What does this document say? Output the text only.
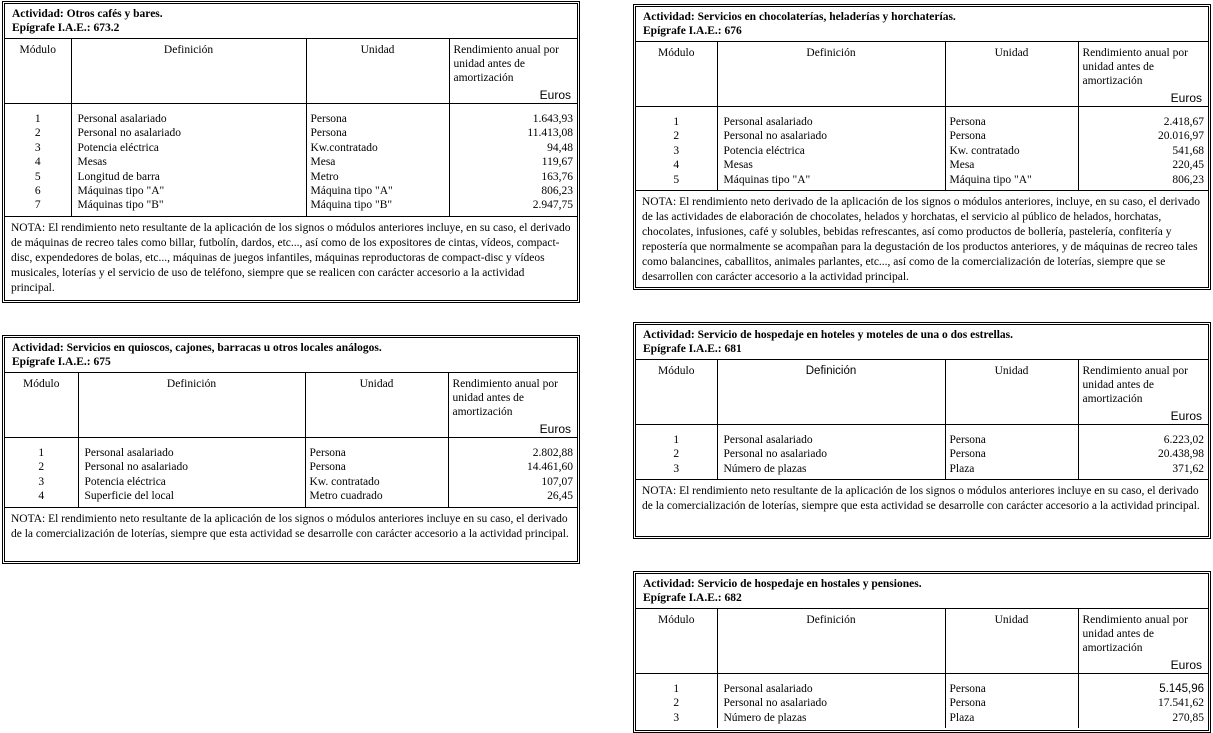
Actividad: Otros cafés y bares.
Epígrafe I.A.E.: 673.2
Módulo	Definición	Unidad	Rendimiento anual por unidad antes de amortización
Euros

1	Personal asalariado	Persona	1.643,93
2	Personal no asalariado	Persona	11.413,08
3	Potencia eléctrica	Kw.contratado	94,48
4	Mesas	Mesa	119,67
5	Longitud de barra	Metro	163,76
6	Máquinas tipo "A"	Máquina tipo "A"	806,23
7	Máquinas tipo "B"	Máquina tipo "B"	2.947,75
NOTA: El rendimiento neto resultante de la aplicación de los signos o módulos anteriores incluye, en su caso, el derivado de máquinas de recreo tales como billar, futbolín, dardos, etc..., así como de los expositores de cintas, vídeos, compact-disc, expendedores de bolas, etc..., máquinas de juegos infantiles, máquinas reproductoras de compact-disc y vídeos musicales, loterías y el servicio de uso de teléfono, siempre que se realicen con carácter accesorio a la actividad principal.
Actividad: Servicios en quioscos, cajones, barracas u otros locales análogos.
Epígrafe I.A.E.: 675
Módulo	Definición	Unidad	Rendimiento anual por unidad antes de amortización
Euros

1	Personal asalariado	Persona	2.802,88
2	Personal no asalariado	Persona	14.461,60
3	Potencia eléctrica	Kw. contratado	107,07
4	Superficie del local	Metro cuadrado	26,45
NOTA: El rendimiento neto resultante de la aplicación de los signos o módulos anteriores incluye en su caso, el derivado de la comercialización de loterías, siempre que esta actividad se desarrolle con carácter accesorio a la actividad principal.
Actividad: Servicios en chocolaterías, heladerías y horchaterías.
Epígrafe I.A.E.: 676
Módulo	Definición	Unidad	Rendimiento anual por unidad antes de amortización
Euros

1	Personal asalariado	Persona	2.418,67
2	Personal no asalariado	Persona	20.016,97
3	Potencia eléctrica	Kw. contratado	541,68
4	Mesas	Mesa	220,45
5	Máquinas tipo "A"	Máquina tipo "A"	806,23
NOTA: El rendimiento neto derivado de la aplicación de los signos o módulos anteriores, incluye, en su caso, el derivado de las actividades de elaboración de chocolates, helados y horchatas, el servicio al público de helados, horchatas, chocolates, infusiones, café y solubles, bebidas refrescantes, así como productos de bollería, pastelería, confitería y repostería que normalmente se acompañan para la degustación de los productos anteriores, y de máquinas de recreo tales como balancines, caballitos, animales parlantes, etc..., así como de la comercialización de loterías, siempre que se desarrollen con carácter accesorio a la actividad principal.
Actividad: Servicio de hospedaje en hoteles y moteles de una o dos estrellas.
Epígrafe I.A.E.: 681
Módulo	Definición	Unidad	Rendimiento anual por unidad antes de amortización
Euros

1	Personal asalariado	Persona	6.223,02
2	Personal no asalariado	Persona	20.438,98
3	Número de plazas	Plaza	371,62
NOTA: El rendimiento neto resultante de la aplicación de los signos o módulos anteriores incluye en su caso, el derivado de la comercialización de loterías, siempre que esta actividad se desarrolle con carácter accesorio a la actividad principal.
Actividad: Servicio de hospedaje en hostales y pensiones.
Epígrafe I.A.E.: 682
Módulo	Definición	Unidad	Rendimiento anual por unidad antes de amortización
Euros

1	Personal asalariado	Persona	5.145,96
2	Personal no asalariado	Persona	17.541,62
3	Número de plazas	Plaza	270,85
